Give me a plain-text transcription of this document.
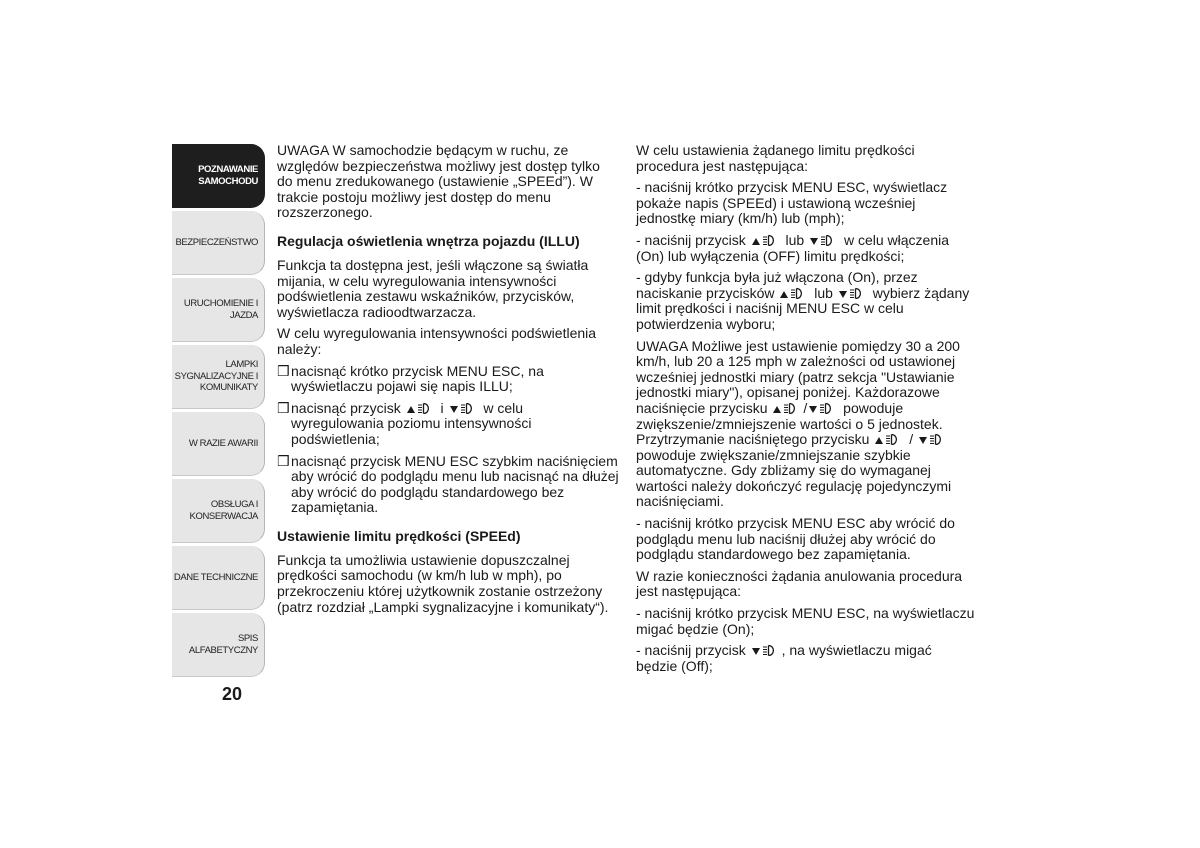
POZNAWANIE
SAMOCHODU
BEZPIECZEŃSTWO
URUCHOMIENIE I
JAZDA
LAMPKI
SYGNALIZACYJNE I
KOMUNIKATY
W RAZIE AWARII
OBSŁUGA I
KONSERWACJA
DANE TECHNICZNE
SPIS ALFABETYCZNY
20

UWAGA W samochodzie będącym w ruchu, ze względów bezpieczeństwa możliwy jest dostęp tylko do menu zredukowanego (ustawienie „SPEEd”). W trakcie postoju możliwy jest dostęp do menu rozszerzonego.

Regulacja oświetlenia wnętrza pojazdu (ILLU)

Funkcja ta dostępna jest, jeśli włączone są światła mijania, w celu wyregulowania intensywności podświetlenia zestawu wskaźników, przycisków, wyświetlacza radioodtwarzacza.

W celu wyregulowania intensywności podświetlenia należy:

❒ nacisnąć krótko przycisk MENU ESC, na wyświetlaczu pojawi się napis ILLU;
❒ nacisnąć przycisk	i	w celu wyregulowania poziomu intensywności podświetlenia;
❒ nacisnąć przycisk MENU ESC szybkim naciśnięciem aby wrócić do podglądu menu lub nacisnąć na dłużej aby wrócić do podglądu standardowego bez zapamiętania.
Ustawienie limitu prędkości (SPEEd)

Funkcja ta umożliwia ustawienie dopuszczalnej prędkości samochodu (w km/h lub w mph), po przekroczeniu której użytkownik zostanie ostrzeżony (patrz rozdział „Lampki sygnalizacyjne i komunikaty“).

W celu ustawienia żądanego limitu prędkości procedura jest następująca:

- naciśnij krótko przycisk MENU ESC, wyświetlacz pokaże napis (SPEEd) i ustawioną wcześniej jednostkę miary (km/h) lub (mph);

- naciśnij przycisk	lub	w celu włączenia (On) lub wyłączenia (OFF) limitu prędkości;

- gdyby funkcja była już włączona (On), przez naciskanie przycisków	lub	wybierz żądany limit prędkości i naciśnij MENU ESC w celu potwierdzenia wyboru;

UWAGA Możliwe jest ustawienie pomiędzy 30 a 200 km/h, lub 20 a 125 mph w zależności od ustawionej wcześniej jednostki miary (patrz sekcja "Ustawianie jednostki miary"), opisanej poniżej. Każdorazowe naciśnięcie przycisku	/	powoduje zwiększenie/zmniejszenie wartości o 5 jednostek. Przytrzymanie naciśniętego przycisku	/  powoduje zwiększanie/zmniejszanie szybkie automatyczne. Gdy zbliżamy się do wymaganej wartości należy dokończyć regulację pojedynczymi naciśnięciami.

- naciśnij krótko przycisk MENU ESC aby wrócić do podglądu menu lub naciśnij dłużej aby wrócić do podglądu standardowego bez zapamiętania.

W razie konieczności żądania anulowania procedura jest następująca:

- naciśnij krótko przycisk MENU ESC, na wyświetlaczu migać będzie (On);

- naciśnij przycisk	, na wyświetlaczu migać będzie (Off);
